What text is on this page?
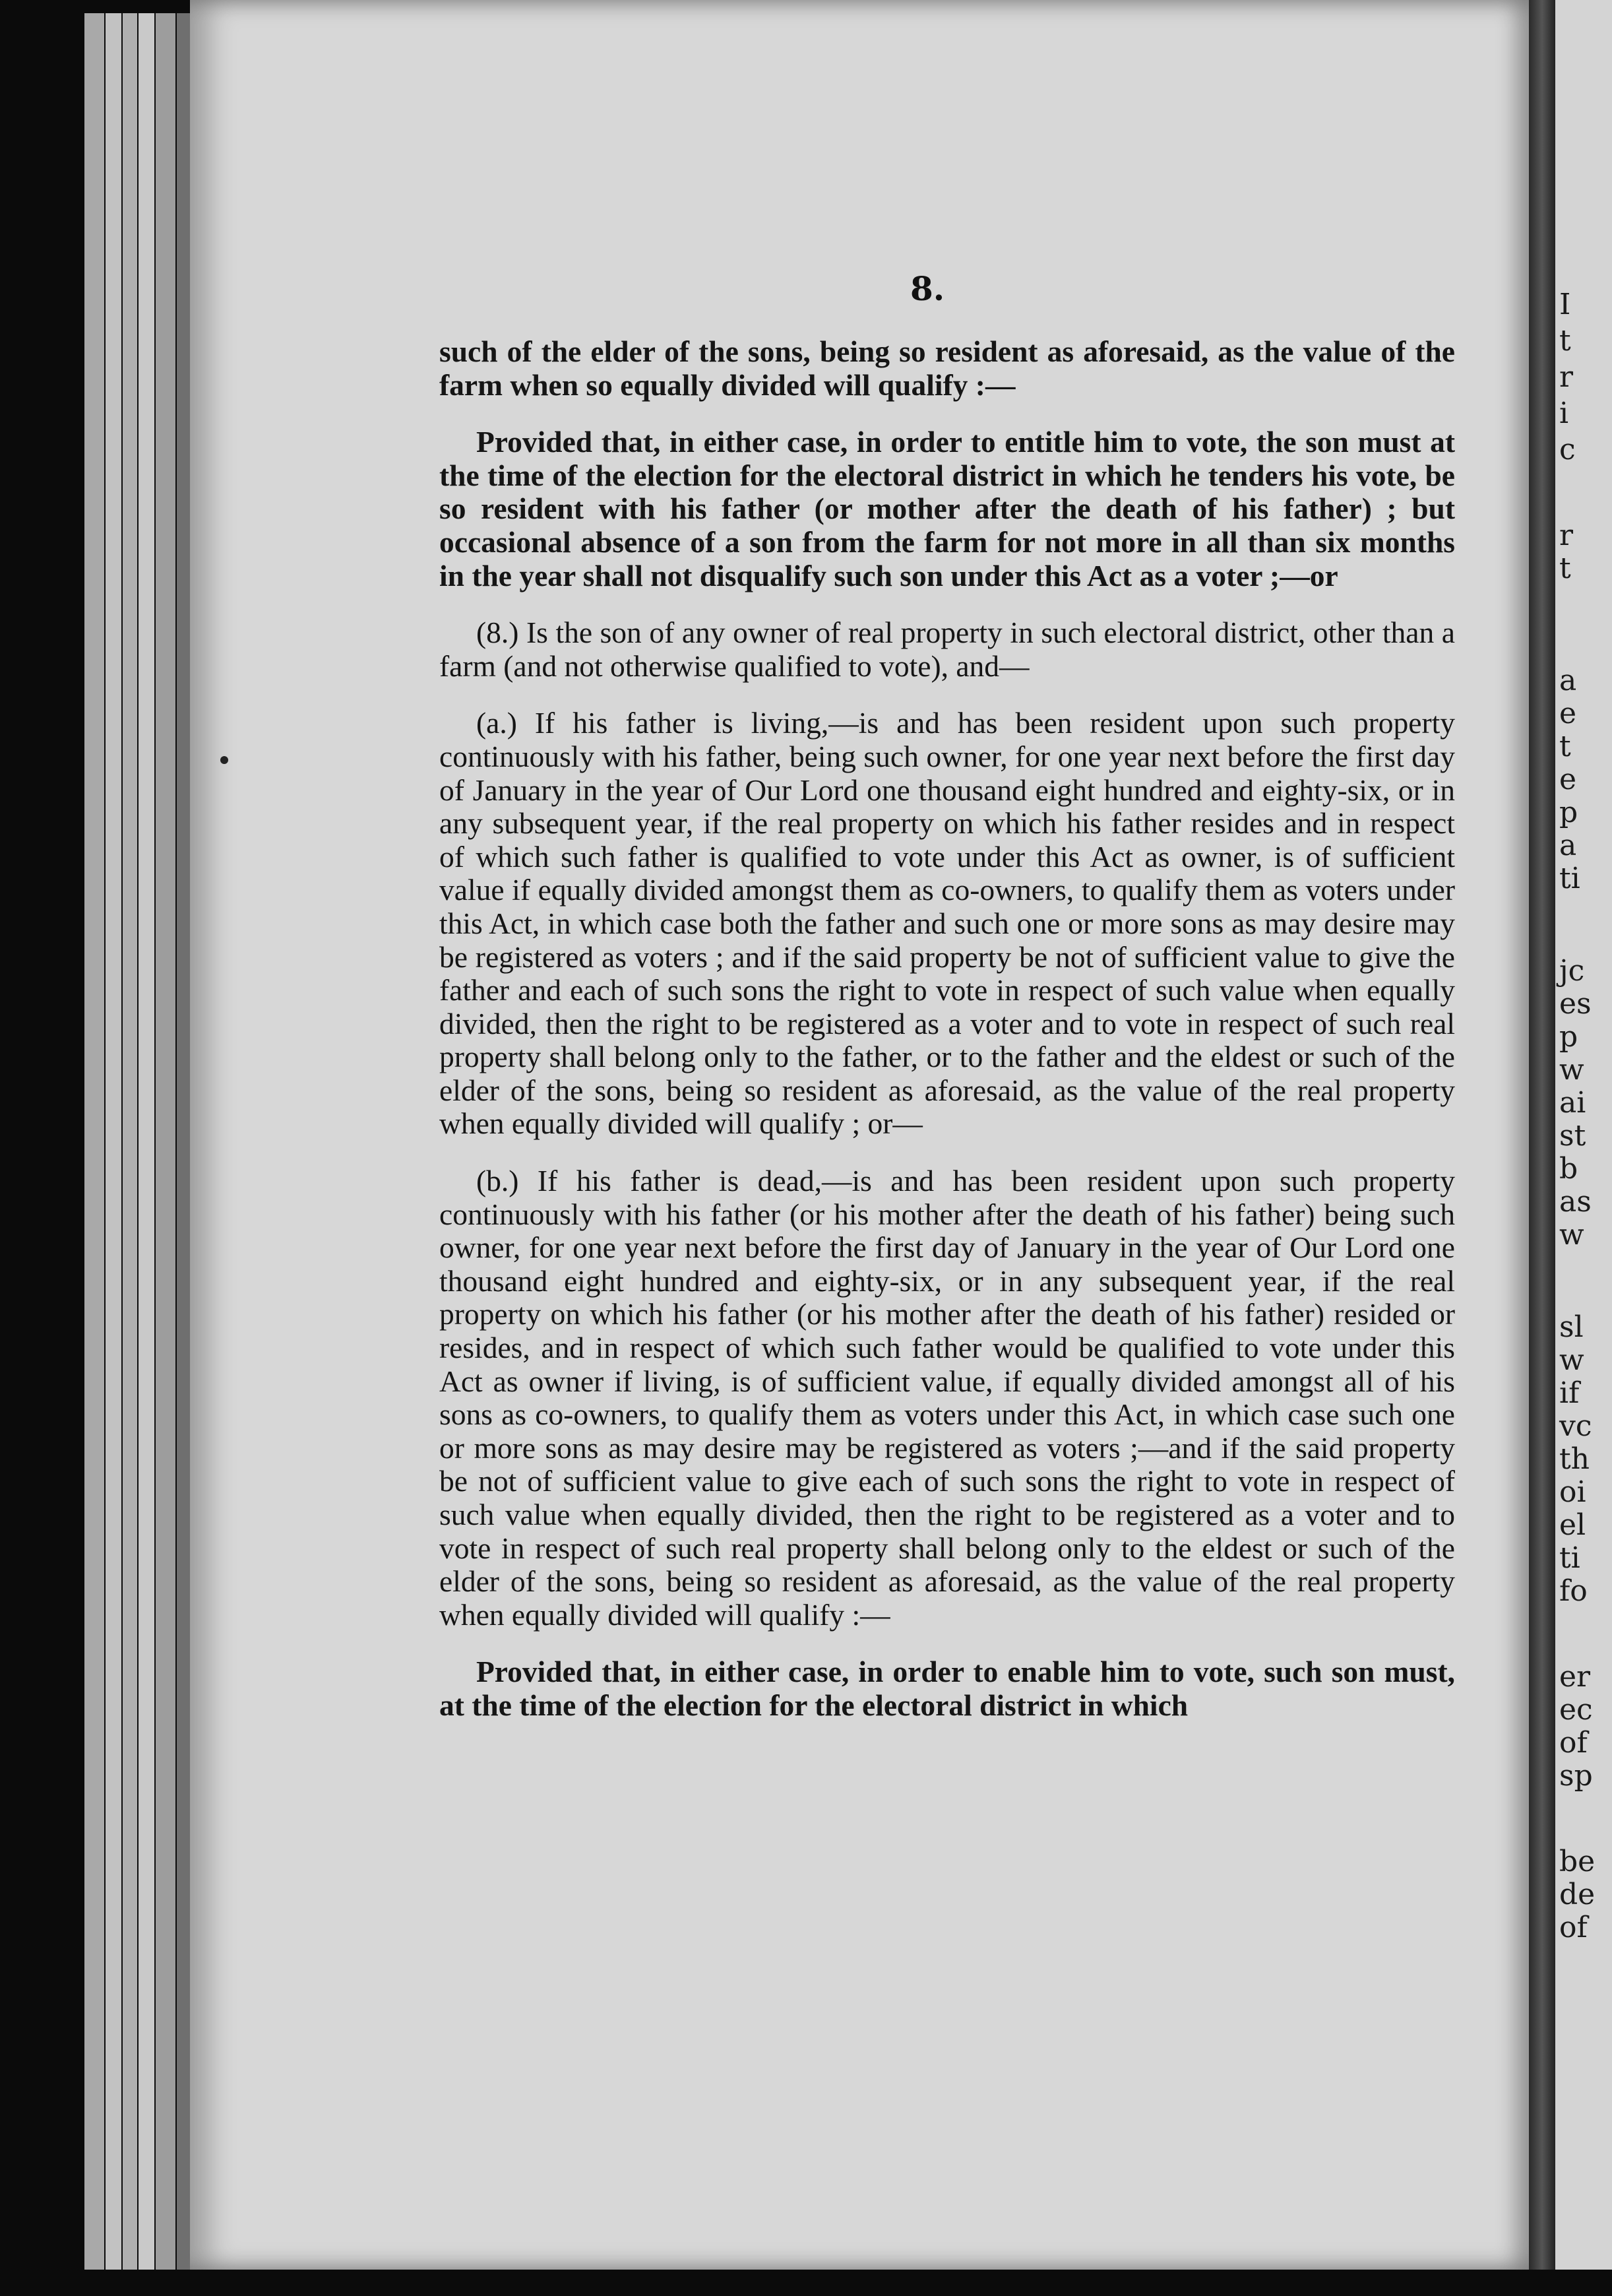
8.

such of the elder of the sons, being so resident as aforesaid, as the value of the farm when so equally divided will qualify :—

Provided that, in either case, in order to entitle him to vote, the son must at the time of the election for the electoral district in which he tenders his vote, be so resident with his father (or mother after the death of his father) ; but occasional absence of a son from the farm for not more in all than six months in the year shall not disqualify such son under this Act as a voter ;—or

(8.) Is the son of any owner of real property in such electoral district, other than a farm (and not otherwise qualified to vote), and—

(a.) If his father is living,—is and has been resident upon such property continuously with his father, being such owner, for one year next before the first day of January in the year of Our Lord one thousand eight hundred and eighty-six, or in any subsequent year, if the real property on which his father resides and in respect of which such father is qualified to vote under this Act as owner, is of sufficient value if equally divided amongst them as co-owners, to qualify them as voters under this Act, in which case both the father and such one or more sons as may desire may be registered as voters ; and if the said property be not of sufficient value to give the father and each of such sons the right to vote in respect of such value when equally divided, then the right to be registered as a voter and to vote in respect of such real property shall belong only to the father, or to the father and the eldest or such of the elder of the sons, being so resident as aforesaid, as the value of the real property when equally divided will qualify ; or—

(b.) If his father is dead,—is and has been resident upon such property continuously with his father (or his mother after the death of his father) being such owner, for one year next before the first day of January in the year of Our Lord one thousand eight hundred and eighty-six, or in any subsequent year, if the real property on which his father (or his mother after the death of his father) resided or resides, and in respect of which such father would be qualified to vote under this Act as owner if living, is of sufficient value, if equally divided amongst all of his sons as co-owners, to qualify them as voters under this Act, in which case such one or more sons as may desire may be registered as voters ;—and if the said property be not of sufficient value to give each of such sons the right to vote in respect of such value when equally divided, then the right to be registered as a voter and to vote in respect of such real property shall belong only to the eldest or such of the elder of the sons, being so resident as aforesaid, as the value of the real property when equally divided will qualify :—

Provided that, in either case, in order to enable him to vote, such son must, at the time of the election for the electoral district in which

I
t
r
i
c
r
t
a
e
t
e
p
a
ti
jc
es
p
w
ai
st
b
as
w
sl
w
if
vc
th
oi
el
ti
fo
er
ec
of
sp
be
de
of
